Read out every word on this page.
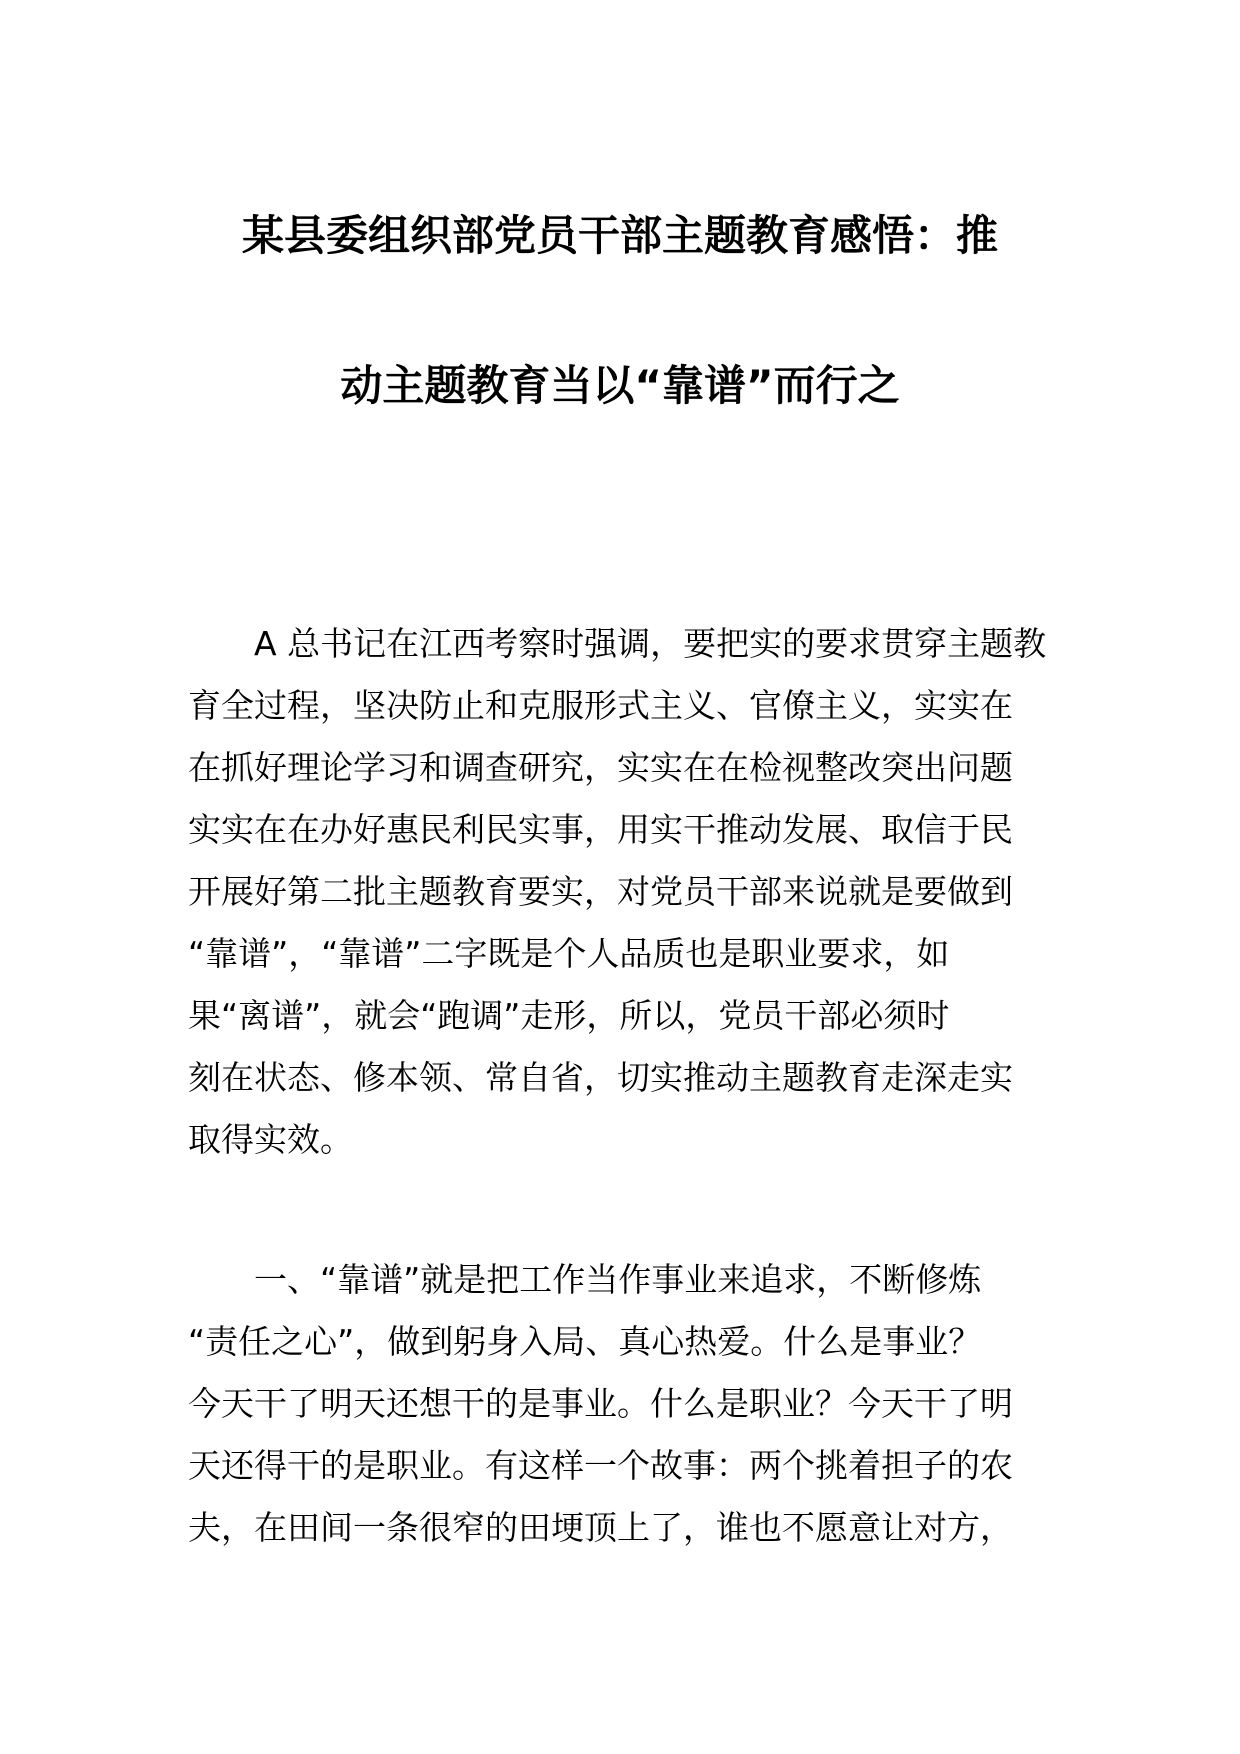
某县委组织部党员干部主题教育感悟：推
动主题教育当以“靠谱”而行之
A 总书记在江西考察时强调，要把实的要求贯穿主题教
育全过程，坚决防止和克服形式主义、官僚主义，实实在
在抓好理论学习和调查研究，实实在在检视整改突出问题
实实在在办好惠民利民实事，用实干推动发展、取信于民
开展好第二批主题教育要实，对党员干部来说就是要做到
“靠谱”，“靠谱”二字既是个人品质也是职业要求，如
果“离谱”，就会“跑调”走形，所以，党员干部必须时
刻在状态、修本领、常自省，切实推动主题教育走深走实
取得实效。
一、“靠谱”就是把工作当作事业来追求，不断修炼
“责任之心”，做到躬身入局、真心热爱。什么是事业？
今天干了明天还想干的是事业。什么是职业？今天干了明
天还得干的是职业。有这样一个故事：两个挑着担子的农
夫，在田间一条很窄的田埂顶上了，谁也不愿意让对方，
